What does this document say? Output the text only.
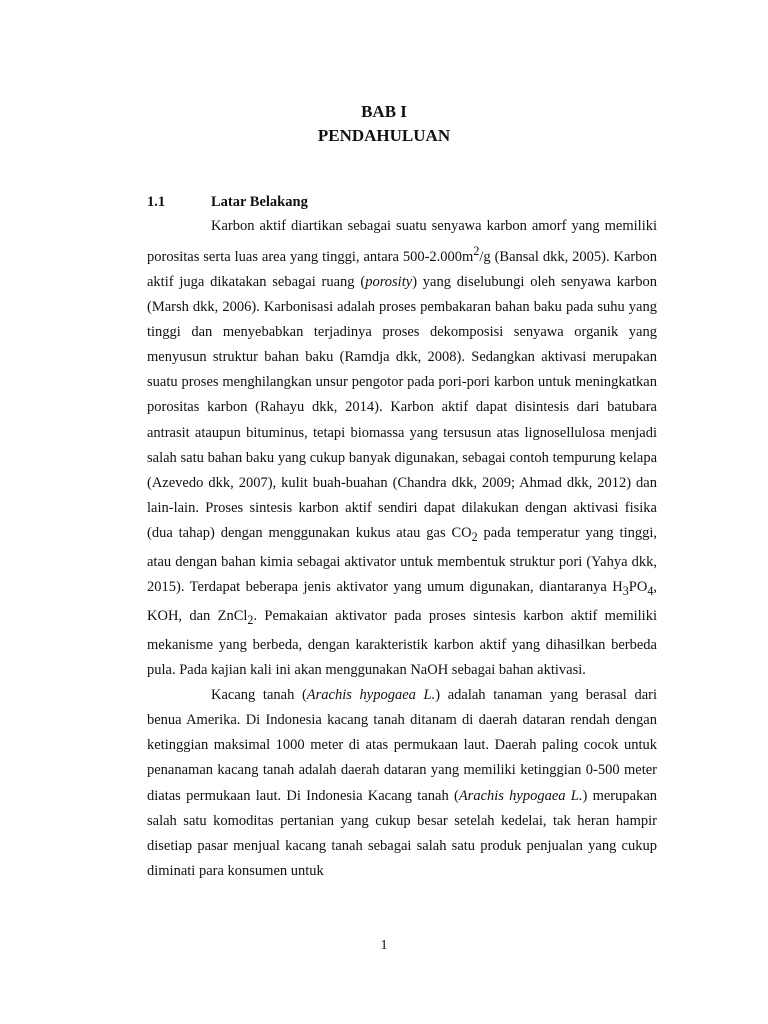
BAB I
PENDAHULUAN
1.1	Latar Belakang

Karbon aktif diartikan sebagai suatu senyawa karbon amorf yang memiliki porositas serta luas area yang tinggi, antara $500-2.000m^2/g$ (Bansal dkk, 2005). Karbon aktif juga dikatakan sebagai ruang (porosity) yang diselubungi oleh senyawa karbon (Marsh dkk, 2006). Karbonisasi adalah proses pembakaran bahan baku pada suhu yang tinggi dan menyebabkan terjadinya proses dekomposisi senyawa organik yang menyusun struktur bahan baku (Ramdja dkk, 2008). Sedangkan aktivasi merupakan suatu proses menghilangkan unsur pengotor pada pori-pori karbon untuk meningkatkan porositas karbon (Rahayu dkk, 2014). Karbon aktif dapat disintesis dari batubara antrasit ataupun bituminus, tetapi biomassa yang tersusun atas lignosellulosa menjadi salah satu bahan baku yang cukup banyak digunakan, sebagai contoh tempurung kelapa (Azevedo dkk, 2007), kulit buah-buahan (Chandra dkk, 2009; Ahmad dkk, 2012) dan lain-lain. Proses sintesis karbon aktif sendiri dapat dilakukan dengan aktivasi fisika (dua tahap) dengan menggunakan kukus atau gas $CO_2$ pada temperatur yang tinggi, atau dengan bahan kimia sebagai aktivator untuk membentuk struktur pori (Yahya dkk, 2015). Terdapat beberapa jenis aktivator yang umum digunakan, diantaranya $H_3PO_4$, KOH, dan ZnCl$_2$. Pemakaian aktivator pada proses sintesis karbon aktif memiliki mekanisme yang berbeda, dengan karakteristik karbon aktif yang dihasilkan berbeda pula. Pada kajian kali ini akan menggunakan NaOH sebagai bahan aktivasi.

Kacang tanah (Arachis hypogaea L.) adalah tanaman yang berasal dari benua Amerika. Di Indonesia kacang tanah ditanam di daerah dataran rendah dengan ketinggian maksimal 1000 meter di atas permukaan laut. Daerah paling cocok untuk penanaman kacang tanah adalah daerah dataran yang memiliki ketinggian 0-500 meter diatas permukaan laut. Di Indonesia Kacang tanah (Arachis hypogaea L.) merupakan salah satu komoditas pertanian yang cukup besar setelah kedelai, tak heran hampir disetiap pasar menjual kacang tanah sebagai salah satu produk penjualan yang cukup diminati para konsumen untuk

1
